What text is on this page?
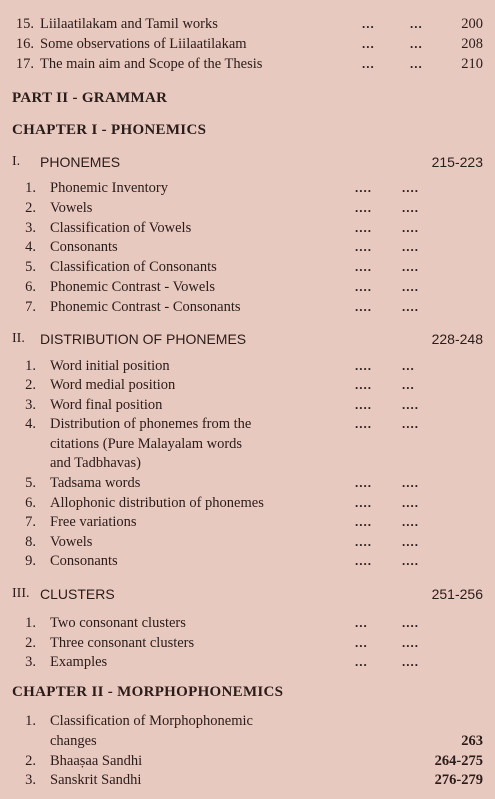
15. Liilaatilakam and Tamil works	...	...	200
16. Some observations of Liilaatilakam	...	...	208
17. The main aim and Scope of the Thesis	...	...	210
PART II - GRAMMAR
CHAPTER I - PHONEMICS
I. PHONEMES	215-223
1. Phonemic Inventory	.... ....
2. Vowels	.... ....
3. Classification of Vowels	.... ....
4. Consonants	.... ....
5. Classification of Consonants	.... ....
6. Phonemic Contrast - Vowels	.... ....
7. Phonemic Contrast - Consonants	.... ....
II. DISTRIBUTION OF PHONEMES	228-248
1. Word initial position	.... ...
2. Word medial position	.... ...
3. Word final position	.... ....
4. Distribution of phonemes from the	.... ....
citations (Pure Malayalam words
and Tadbhavas)
5. Tadsama words	.... ....
6. Allophonic distribution of phonemes	.... ....
7. Free variations	.... ....
8. Vowels	.... ....
9. Consonants	.... ....
III. CLUSTERS	251-256
1. Two consonant clusters	...	....
2. Three consonant clusters	...	....
3. Examples	...	....
CHAPTER II - MORPHOPHONEMICS
1. Classification of Morphophonemic
changes	263
2. Bhaaṣaa Sandhi	264-275
3. Sanskrit Sandhi	276-279
